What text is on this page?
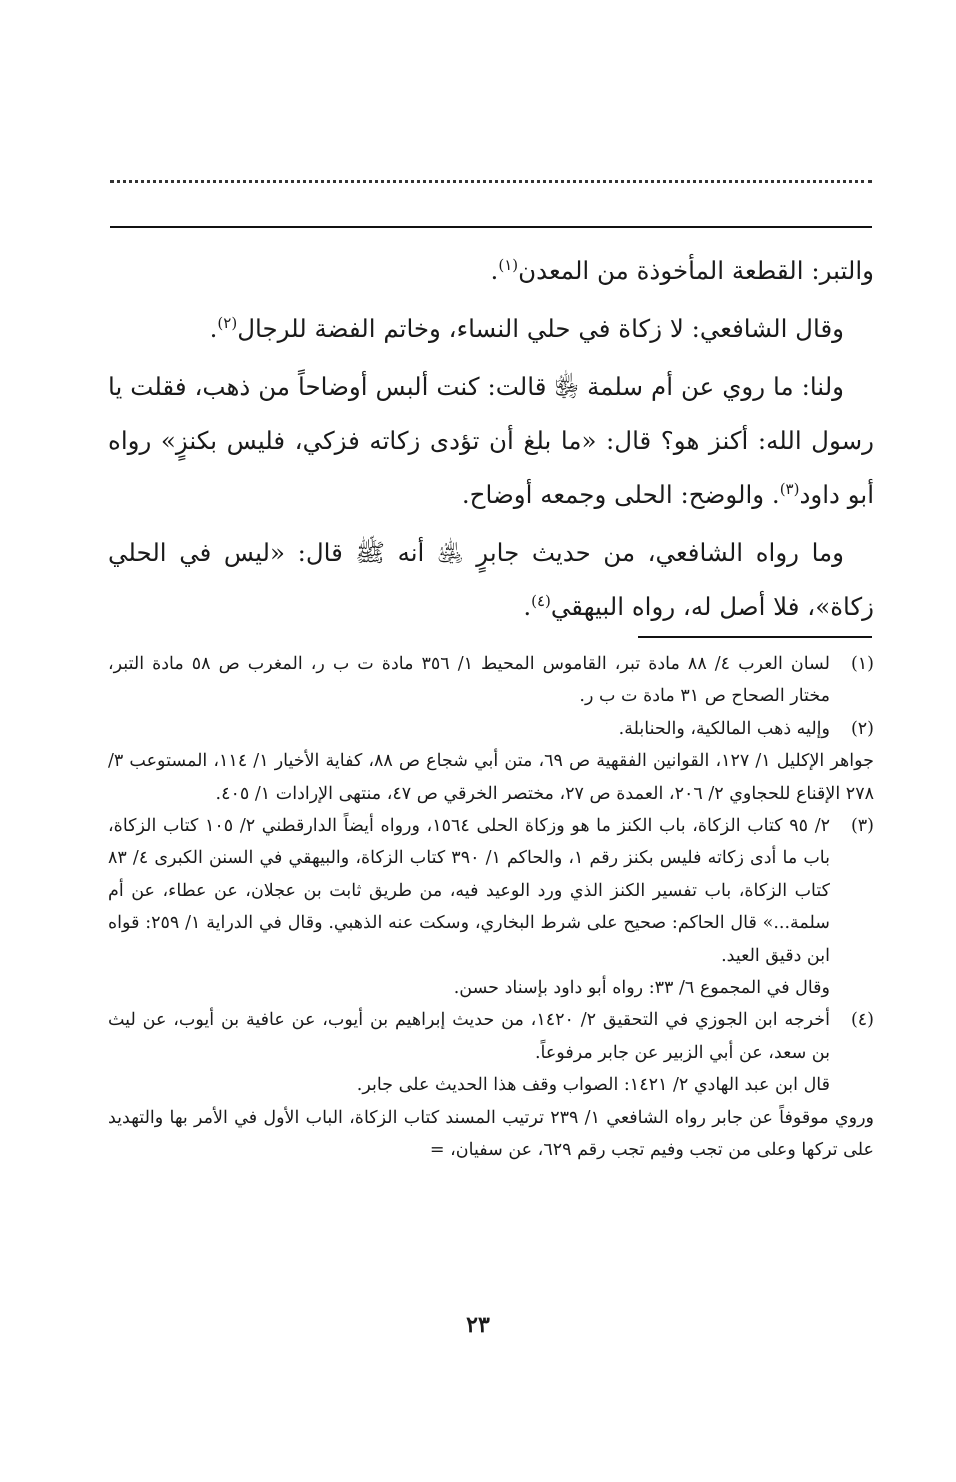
والتبر: القطعة المأخوذة من المعدن$^{(١)}$.

وقال الشافعي: لا زكاة في حلي النساء، وخاتم الفضة للرجال$^{(٢)}$.

ولنا: ما روي عن أم سلمة ﵂ قالت: كنت ألبس أوضاحاً من ذهب، فقلت يا رسول الله: أكنز هو؟ قال: «ما بلغ أن تؤدى زكاته فزكي، فليس بكنزٍ» رواه أبو داود$^{(٣)}$. والوضح: الحلى وجمعه أوضاح.

وما رواه الشافعي، من حديث جابرٍ ﵁ أنه ﷺ قال: «ليس في الحلي زكاة»، فلا أصل له، رواه البيهقي$^{(٤)}$.

(١)
لسان العرب ٤/ ٨٨ مادة تبر، القاموس المحيط ١/ ٣٥٦ مادة ت ب ر، المغرب ص ٥٨ مادة التبر، مختار الصحاح ص ٣١ مادة ت ب ر.
(٢)
وإليه ذهب المالكية، والحنابلة.
جواهر الإكليل ١/ ١٢٧، القوانين الفقهية ص ٦٩، متن أبي شجاع ص ٨٨، كفاية الأخيار ١/ ١١٤، المستوعب ٣/ ٢٧٨ الإقناع للحجاوي ٢/ ٢٠٦، العمدة ص ٢٧، مختصر الخرقي ص ٤٧، منتهى الإرادات ١/ ٤٠٥.
(٣)
٢/ ٩٥ كتاب الزكاة، باب الكنز ما هو وزكاة الحلى ١٥٦٤، ورواه أيضاً الدارقطني ٢/ ١٠٥ كتاب الزكاة، باب ما أدى زكاته فليس بكنز رقم ١، والحاكم ١/ ٣٩٠ كتاب الزكاة، والبيهقي في السنن الكبرى ٤/ ٨٣ كتاب الزكاة، باب تفسير الكنز الذي ورد الوعيد فيه، من طريق ثابت بن عجلان، عن عطاء، عن أم سلمة...» قال الحاكم: صحيح على شرط البخاري، وسكت عنه الذهبي. وقال في الدراية ١/ ٢٥٩: قواه ابن دقيق العيد.
وقال في المجموع ٦/ ٣٣: رواه أبو داود بإسناد حسن.
(٤)
أخرجه ابن الجوزي في التحقيق ٢/ ١٤٢٠، من حديث إبراهيم بن أيوب، عن عافية بن أيوب، عن ليث بن سعد، عن أبي الزبير عن جابر مرفوعاً.
قال ابن عبد الهادي ٢/ ١٤٢١: الصواب وقف هذا الحديث على جابر.
وروي موقوفاً عن جابر رواه الشافعي ١/ ٢٣٩ ترتيب المسند كتاب الزكاة، الباب الأول في الأمر بها والتهديد على تركها وعلى من تجب وفيم تجب رقم ٦٢٩، عن سفيان، =
٢٣
